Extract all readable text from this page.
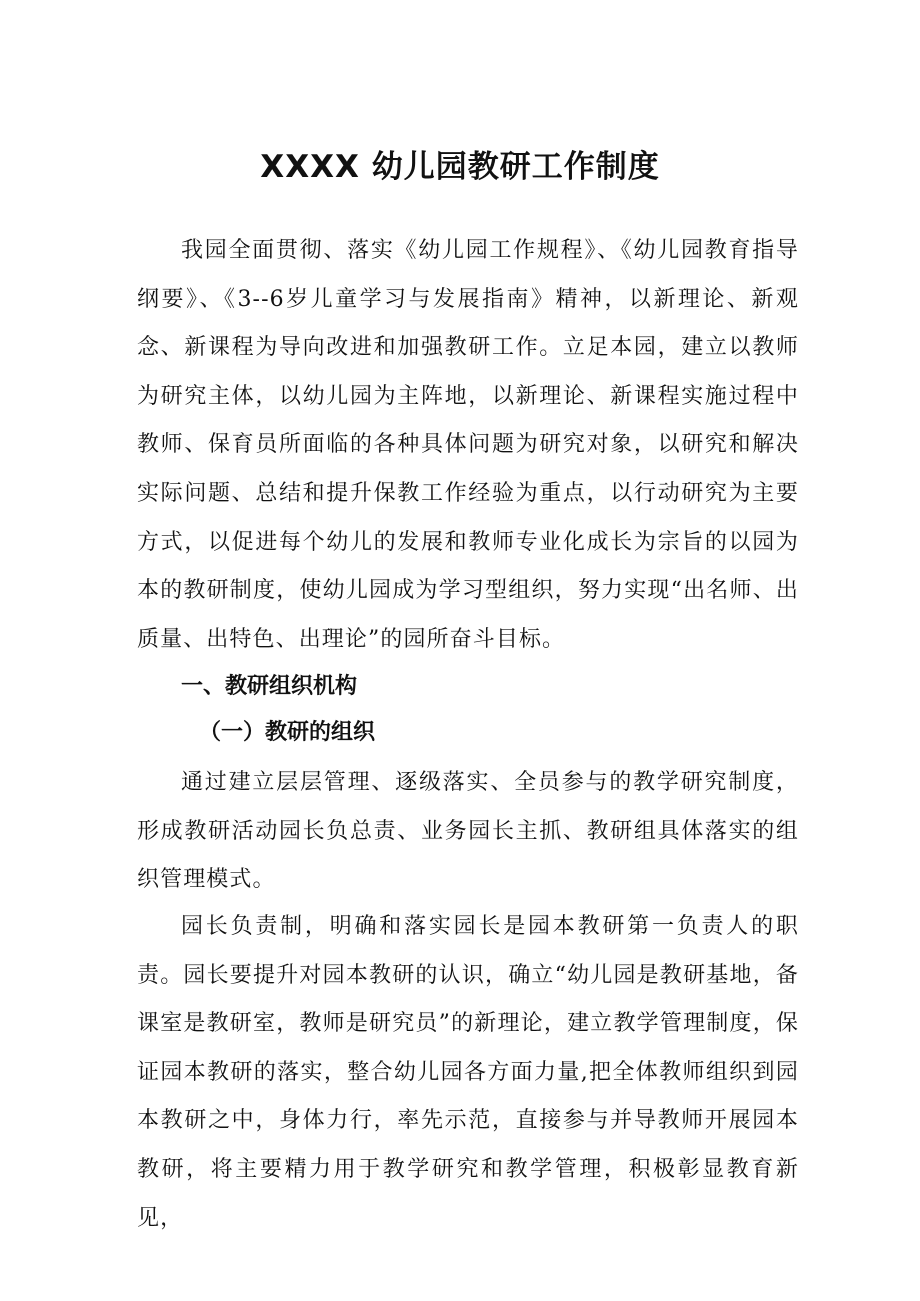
XXXX 幼儿园教研工作制度

我园全面贯彻、落实《幼儿园工作规程》、《幼儿园教育指导纲要》、《3--6岁儿童学习与发展指南》精神，以新理论、新观念、新课程为导向改进和加强教研工作。立足本园，建立以教师为研究主体，以幼儿园为主阵地，以新理论、新课程实施过程中教师、保育员所面临的各种具体问题为研究对象，以研究和解决实际问题、总结和提升保教工作经验为重点，以行动研究为主要方式，以促进每个幼儿的发展和教师专业化成长为宗旨的以园为本的教研制度，使幼儿园成为学习型组织，努力实现“出名师、出质量、出特色、出理论”的园所奋斗目标。

一、教研组织机构
（一）教研的组织

通过建立层层管理、逐级落实、全员参与的教学研究制度，形成教研活动园长负总责、业务园长主抓、教研组具体落实的组织管理模式。

园长负责制，明确和落实园长是园本教研第一负责人的职责。园长要提升对园本教研的认识，确立“幼儿园是教研基地，备课室是教研室，教师是研究员”的新理论，建立教学管理制度，保证园本教研的落实，整合幼儿园各方面力量,把全体教师组织到园本教研之中，身体力行，率先示范，直接参与并导教师开展园本教研，将主要精力用于教学研究和教学管理，积极彰显教育新见，
